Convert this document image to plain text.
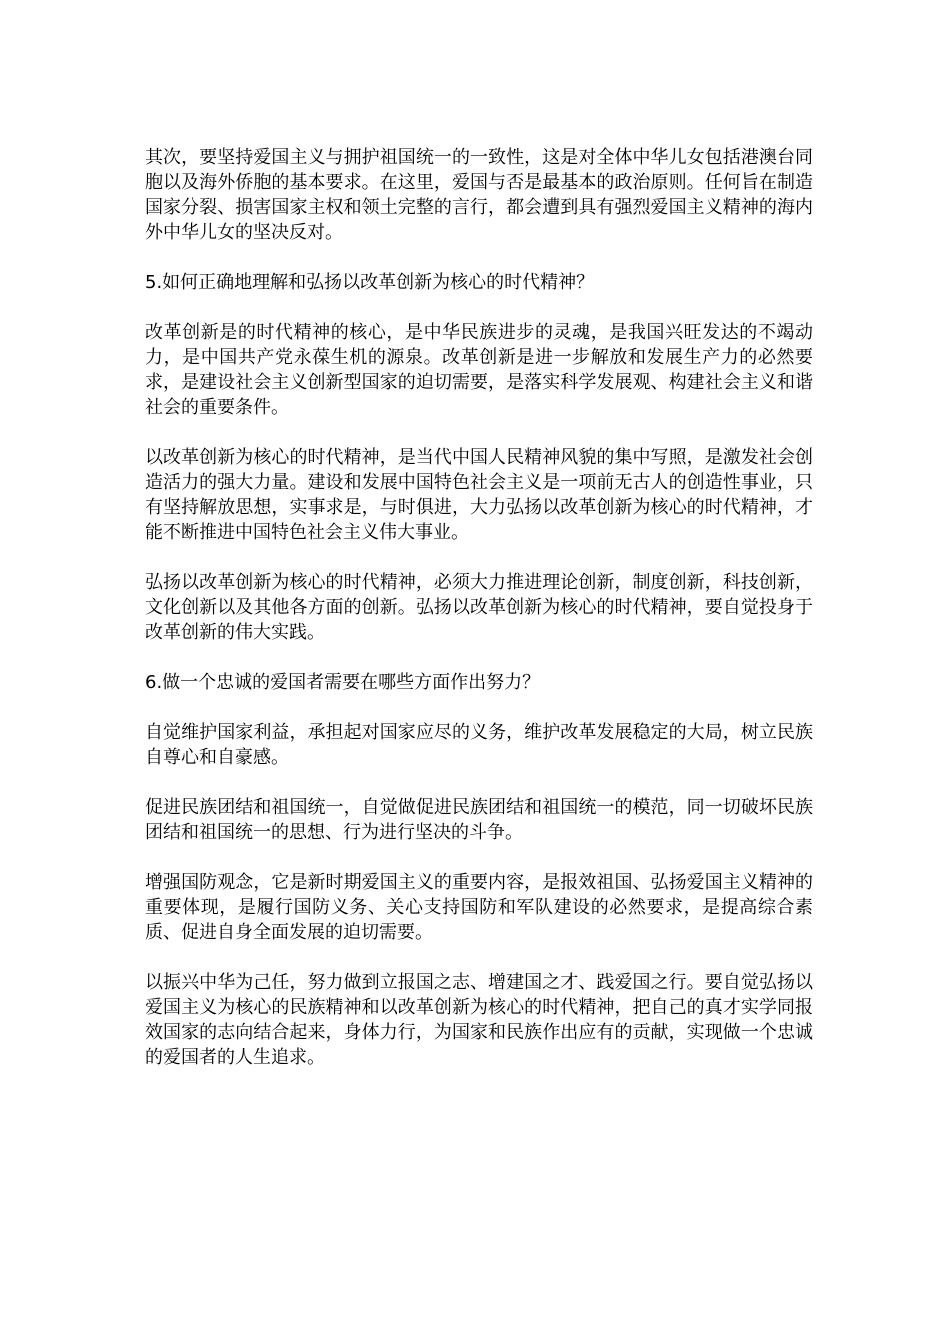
其次，要坚持爱国主义与拥护祖国统一的一致性，这是对全体中华儿女包括港澳台同胞以及海外侨胞的基本要求。在这里，爱国与否是最基本的政治原则。任何旨在制造国家分裂、损害国家主权和领土完整的言行，都会遭到具有强烈爱国主义精神的海内外中华儿女的坚决反对。

5.如何正确地理解和弘扬以改革创新为核心的时代精神？

改革创新是的时代精神的核心，是中华民族进步的灵魂，是我国兴旺发达的不竭动力，是中国共产党永葆生机的源泉。改革创新是进一步解放和发展生产力的必然要求，是建设社会主义创新型国家的迫切需要，是落实科学发展观、构建社会主义和谐社会的重要条件。

以改革创新为核心的时代精神，是当代中国人民精神风貌的集中写照，是激发社会创造活力的强大力量。建设和发展中国特色社会主义是一项前无古人的创造性事业，只有坚持解放思想，实事求是，与时俱进，大力弘扬以改革创新为核心的时代精神，才能不断推进中国特色社会主义伟大事业。

弘扬以改革创新为核心的时代精神，必须大力推进理论创新，制度创新，科技创新，文化创新以及其他各方面的创新。弘扬以改革创新为核心的时代精神，要自觉投身于改革创新的伟大实践。

6.做一个忠诚的爱国者需要在哪些方面作出努力？

自觉维护国家利益，承担起对国家应尽的义务，维护改革发展稳定的大局，树立民族自尊心和自豪感。

促进民族团结和祖国统一，自觉做促进民族团结和祖国统一的模范，同一切破坏民族团结和祖国统一的思想、行为进行坚决的斗争。

增强国防观念，它是新时期爱国主义的重要内容，是报效祖国、弘扬爱国主义精神的重要体现，是履行国防义务、关心支持国防和军队建设的必然要求，是提高综合素质、促进自身全面发展的迫切需要。

以振兴中华为己任，努力做到立报国之志、增建国之才、践爱国之行。要自觉弘扬以爱国主义为核心的民族精神和以改革创新为核心的时代精神，把自己的真才实学同报效国家的志向结合起来，身体力行，为国家和民族作出应有的贡献，实现做一个忠诚的爱国者的人生追求。
